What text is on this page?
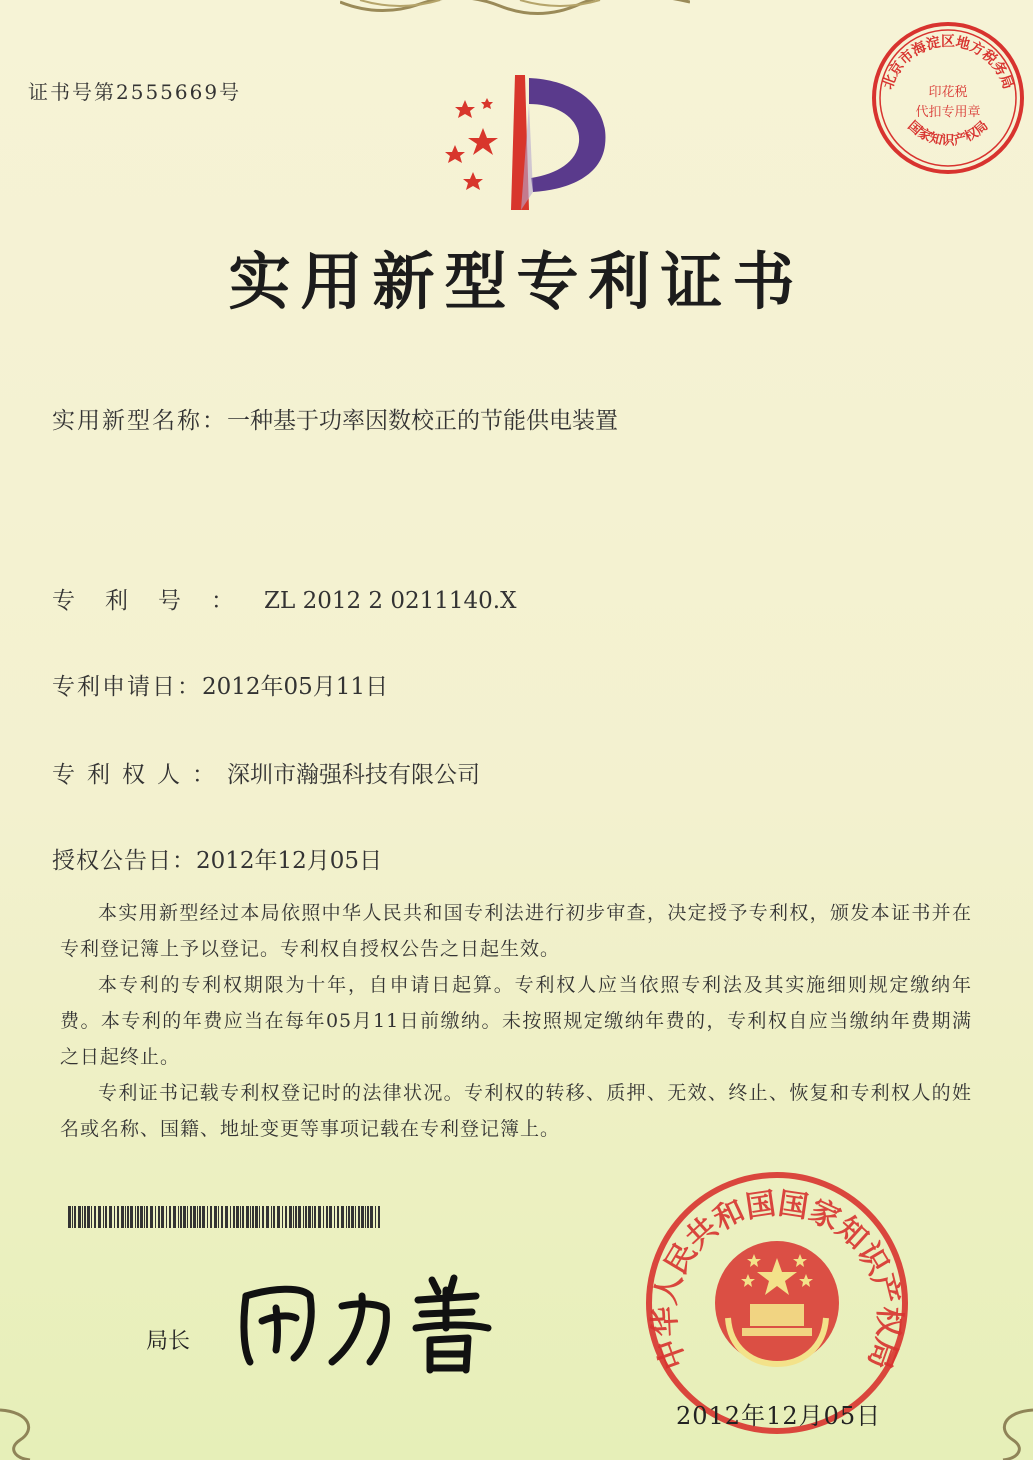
证书号第2555669号	北京市海淀区地方税务局
国家知识产权局
印花税
代扣专用章
实用新型专利证书
实用新型名称：一种基于功率因数校正的节能供电装置
专利号：ZL 2012 2 0211140.X
专利申请日：2012年05月11日
专利权人：深圳市瀚强科技有限公司
授权公告日：2012年12月05日

本实用新型经过本局依照中华人民共和国专利法进行初步审查，决定授予专利权，颁发本证书并在专利登记簿上予以登记。专利权自授权公告之日起生效。

本专利的专利权期限为十年，自申请日起算。专利权人应当依照专利法及其实施细则规定缴纳年费。本专利的年费应当在每年05月11日前缴纳。未按照规定缴纳年费的，专利权自应当缴纳年费期满之日起终止。

专利证书记载专利权登记时的法律状况。专利权的转移、质押、无效、终止、恢复和专利权人的姓名或名称、国籍、地址变更等事项记载在专利登记簿上。

局长	中华人民共和国国家知识产权局
2012年12月05日
